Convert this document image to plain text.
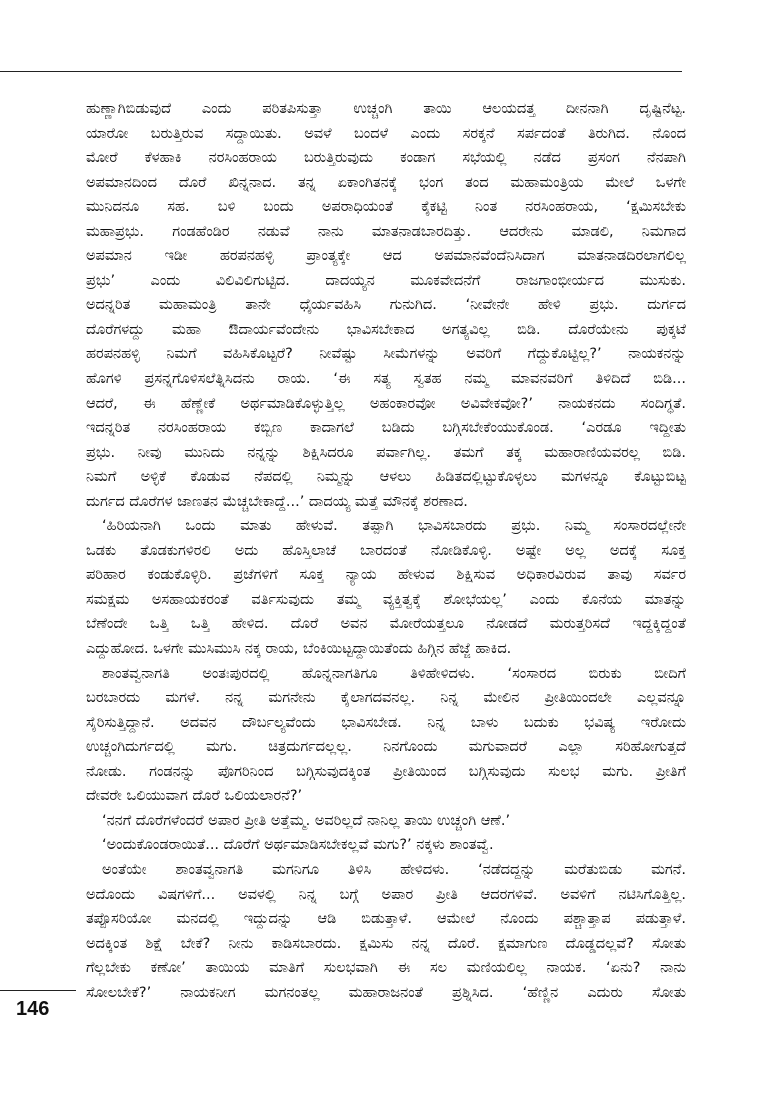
ಹುಣ್ಣಾಗಿಬಿಡುವುದೆ ಎಂದು ಪರಿತಪಿಸುತ್ತಾ ಉಚ್ಚಂಗಿ ತಾಯಿ ಆಲಯದತ್ತ ದೀನನಾಗಿ ದೃಷ್ಟಿನೆಟ್ಟ.
ಯಾರೋ ಬರುತ್ತಿರುವ ಸದ್ದಾಯಿತು. ಅವಳೆ ಬಂದಳೆ ಎಂದು ಸರಕ್ಕನೆ ಸರ್ಪದಂತೆ ತಿರುಗಿದ. ನೊಂದ
ಮೋರೆ ಕೆಳಹಾಕಿ ನರಸಿಂಹರಾಯ ಬರುತ್ತಿರುವುದು ಕಂಡಾಗ ಸಭೆಯಲ್ಲಿ ನಡೆದ ಪ್ರಸಂಗ ನೆನಪಾಗಿ
ಅಪಮಾನದಿಂದ ದೊರೆ ಖಿನ್ನನಾದ. ತನ್ನ ಏಕಾಂಗಿತನಕ್ಕೆ ಭಂಗ ತಂದ ಮಹಾಮಂತ್ರಿಯ ಮೇಲೆ ಒಳಗೇ
ಮುನಿದನೂ ಸಹ. ಬಳಿ ಬಂದು ಅಪರಾಧಿಯಂತೆ ಕೈಕಟ್ಟಿ ನಿಂತ ನರಸಿಂಹರಾಯ, ‘ಕ್ಷಮಿಸಬೇಕು
ಮಹಾಪ್ರಭು. ಗಂಡಹೆಂಡಿರ ನಡುವೆ ನಾನು ಮಾತನಾಡಬಾರದಿತ್ತು. ಆದರೇನು ಮಾಡಲಿ, ನಿಮಗಾದ
ಅಪಮಾನ ಇಡೀ ಹರಪನಹಳ್ಳಿ ಪ್ರಾಂತ್ಯಕ್ಕೇ ಆದ ಅಪಮಾನವೆಂದೆನಿಸಿದಾಗ ಮಾತನಾಡದಿರಲಾಗಲಿಲ್ಲ
ಪ್ರಭು’ ಎಂದು ವಿಲಿವಿಲಿಗುಟ್ಟಿದ. ದಾದಯ್ಯನ ಮೂಕವೇದನೆಗೆ ರಾಜಗಾಂಭೀರ್ಯದ ಮುಸುಕು.
ಅದನ್ನರಿತ ಮಹಾಮಂತ್ರಿ ತಾನೇ ಧೈರ್ಯವಹಿಸಿ ಗುನುಗಿದ. ‘ನೀವೇನೇ ಹೇಳಿ ಪ್ರಭು. ದುರ್ಗದ
ದೊರೆಗಳದ್ದು ಮಹಾ ಔದಾರ್ಯವೆಂದೇನು ಭಾವಿಸಬೇಕಾದ ಅಗತ್ಯವಿಲ್ಲ ಬಿಡಿ. ದೊರೆಯೇನು ಪುಕ್ಕಟೆ
ಹರಪನಹಳ್ಳಿ ನಿಮಗೆ ವಹಿಸಿಕೊಟ್ಟರೆ? ನೀವೆಷ್ಟು ಸೀಮೆಗಳನ್ನು ಅವರಿಗೆ ಗೆದ್ದುಕೊಟ್ಟಿಲ್ಲ?’ ನಾಯಕನನ್ನು
ಹೊಗಳಿ ಪ್ರಸನ್ನಗೊಳಿಸಲೆತ್ನಿಸಿದನು ರಾಯ. ‘ಈ ಸತ್ಯ ಸ್ವತಹ ನಮ್ಮ ಮಾವನವರಿಗೆ ತಿಳಿದಿದೆ ಬಿಡಿ...
ಆದರೆ, ಈ ಹೆಣ್ಣೇಕೆ ಅರ್ಥಮಾಡಿಕೊಳ್ಳುತ್ತಿಲ್ಲ ಅಹಂಕಾರವೋ ಅವಿವೇಕವೋ?’ ನಾಯಕನದು ಸಂದಿಗ್ಧತೆ.
ಇದನ್ನರಿತ ನರಸಿಂಹರಾಯ ಕಬ್ಬಿಣ ಕಾದಾಗಲೆ ಬಡಿದು ಬಗ್ಗಿಸಬೇಕೆಂಯುಕೊಂಡ. ‘ಎರಡೂ ಇದ್ದೀತು
ಪ್ರಭು. ನೀವು ಮುನಿದು ನನ್ನನ್ನು ಶಿಕ್ಷಿಸಿದರೂ ಪರ್ವಾಗಿಲ್ಲ. ತಮಗೆ ತಕ್ಕ ಮಹಾರಾಣಿಯವರಲ್ಲ ಬಿಡಿ.
ನಿಮಗೆ ಅಳ್ಳಿಕೆ ಕೊಡುವ ನೆಪದಲ್ಲಿ ನಿಮ್ಮನ್ನು ಆಳಲು ಹಿಡಿತದಲ್ಲಿಟ್ಟುಕೊಳ್ಳಲು ಮಗಳನ್ನೂ ಕೊಟ್ಟುಬಿಟ್ಟ
ದುರ್ಗದ ದೊರೆಗಳ ಜಾಣತನ ಮೆಚ್ಚಬೇಕಾದ್ದೆ...’ ದಾದಯ್ಯ ಮತ್ತೆ ಮೌನಕ್ಕೆ ಶರಣಾದ.
‘ಹಿರಿಯನಾಗಿ ಒಂದು ಮಾತು ಹೇಳುವೆ. ತಪ್ಪಾಗಿ ಭಾವಿಸಬಾರದು ಪ್ರಭು. ನಿಮ್ಮ ಸಂಸಾರದಲ್ಲೇನೇ
ಒಡಕು ತೊಡಕುಗಳಿರಲಿ ಅದು ಹೊಸ್ತಿಲಾಚೆ ಬಾರದಂತೆ ನೋಡಿಕೊಳ್ಳಿ. ಅಷ್ಟೇ ಅಲ್ಲ ಅದಕ್ಕೆ ಸೂಕ್ತ
ಪರಿಹಾರ ಕಂಡುಕೊಳ್ಳಿರಿ. ಪ್ರಜೆಗಳಿಗೆ ಸೂಕ್ತ ನ್ಯಾಯ ಹೇಳುವ ಶಿಕ್ಷಿಸುವ ಅಧಿಕಾರವಿರುವ ತಾವು ಸರ್ವರ
ಸಮಕ್ಷಮ ಅಸಹಾಯಕರಂತೆ ವರ್ತಿಸುವುದು ತಮ್ಮ ವ್ಯಕ್ತಿತ್ವಕ್ಕೆ ಶೋಭೆಯಲ್ಲ’ ಎಂದು ಕೊನೆಯ ಮಾತನ್ನು
ಬೆಣೆಂದೇ ಒತ್ತಿ ಒತ್ತಿ ಹೇಳಿದ. ದೊರೆ ಅವನ ಮೋರೆಯತ್ತಲೂ ನೋಡದೆ ಮರುತ್ತರಿಸದೆ ಇದ್ದಕ್ಕಿದ್ದಂತೆ
ಎದ್ದುಹೋದ. ಒಳಗೇ ಮುಸಿಮುಸಿ ನಕ್ಕ ರಾಯ, ಬೆಂಕಿಯಿಟ್ಟದ್ದಾಯಿತೆಂದು ಹಿಗ್ಗಿನ ಹೆಜ್ಜೆ ಹಾಕಿದ.
ಶಾಂತವ್ವನಾಗತಿ ಅಂತಃಪುರದಲ್ಲಿ ಹೊನ್ನನಾಗತಿಗೂ ತಿಳಿಹೇಳಿದಳು. ‘ಸಂಸಾರದ ಬಿರುಕು ಬೀದಿಗೆ
ಬರಬಾರದು ಮಗಳೆ. ನನ್ನ ಮಗನೇನು ಕೈಲಾಗದವನಲ್ಲ. ನಿನ್ನ ಮೇಲಿನ ಪ್ರೀತಿಯಿಂದಲೇ ಎಲ್ಲವನ್ನೂ
ಸೈರಿಸುತ್ತಿದ್ದಾನೆ. ಅದವನ ದೌರ್ಬಲ್ಯವೆಂದು ಭಾವಿಸಬೇಡ. ನಿನ್ನ ಬಾಳು ಬದುಕು ಭವಿಷ್ಯ ಇರೋದು
ಉಚ್ಚಂಗಿದುರ್ಗದಲ್ಲಿ ಮಗು. ಚಿತ್ರದುರ್ಗದಲ್ಲಲ್ಲ. ನಿನಗೊಂದು ಮಗುವಾದರೆ ಎಲ್ಲಾ ಸರಿಹೋಗುತ್ತದೆ
ನೋಡು. ಗಂಡನನ್ನು ಪೊಗರಿನಿಂದ ಬಗ್ಗಿಸುವುದಕ್ಕಿಂತ ಪ್ರೀತಿಯಿಂದ ಬಗ್ಗಿಸುವುದು ಸುಲಭ ಮಗು. ಪ್ರೀತಿಗೆ
ದೇವರೇ ಒಲಿಯುವಾಗ ದೊರೆ ಒಲಿಯಲಾರನೆ?’
‘ನನಗೆ ದೊರೆಗಳೆಂದರೆ ಅಪಾರ ಪ್ರೀತಿ ಅತ್ತೆಮ್ಮ. ಅವರಿಲ್ಲದೆ ನಾನಿಲ್ಲ ತಾಯಿ ಉಚ್ಚಂಗಿ ಆಣೆ.’
‘ಅಂದುಕೊಂಡರಾಯಿತೆ... ದೊರೆಗೆ ಅರ್ಥಮಾಡಿಸಬೇಕಲ್ಲವೆ ಮಗು?’ ನಕ್ಕಳು ಶಾಂತವ್ವೆ.
ಅಂತೆಯೇ ಶಾಂತವ್ವನಾಗತಿ ಮಗನಿಗೂ ತಿಳಿಸಿ ಹೇಳಿದಳು. ‘ನಡೆದದ್ದನ್ನು ಮರೆತುಬಿಡು ಮಗನೆ.
ಅದೊಂದು ವಿಷಗಳಿಗೆ... ಅವಳಲ್ಲಿ ನಿನ್ನ ಬಗ್ಗೆ ಅಪಾರ ಪ್ರೀತಿ ಆದರಗಳಿವೆ. ಅವಳಿಗೆ ನಟಿಸಿಗೊತ್ತಿಲ್ಲ.
ತಪ್ಪೊಸರಿಯೋ ಮನದಲ್ಲಿ ಇದ್ದುದನ್ನು ಆಡಿ ಬಿಡುತ್ತಾಳೆ. ಆಮೇಲೆ ನೊಂದು ಪಶ್ಚಾತ್ತಾಪ ಪಡುತ್ತಾಳೆ.
ಅದಕ್ಕಿಂತ ಶಿಕ್ಷೆ ಬೇಕೆ? ನೀನು ಕಾಡಿಸಬಾರದು. ಕ್ಷಮಿಸು ನನ್ನ ದೊರೆ. ಕ್ಷಮಾಗುಣ ದೊಡ್ಡದಲ್ಲವೆ? ಸೋತು
ಗೆಲ್ಲಬೇಕು ಕಣೋ’ ತಾಯಿಯ ಮಾತಿಗೆ ಸುಲಭವಾಗಿ ಈ ಸಲ ಮಣಿಯಲಿಲ್ಲ ನಾಯಕ. ‘ಏನು? ನಾನು
ಸೋಲಬೇಕೆ?’ ನಾಯಕನೀಗ ಮಗನಂತಲ್ಲ ಮಹಾರಾಜನಂತೆ ಪ್ರಶ್ನಿಸಿದ. ‘ಹೆಣ್ಣಿನ ಎದುರು ಸೋತು
146
